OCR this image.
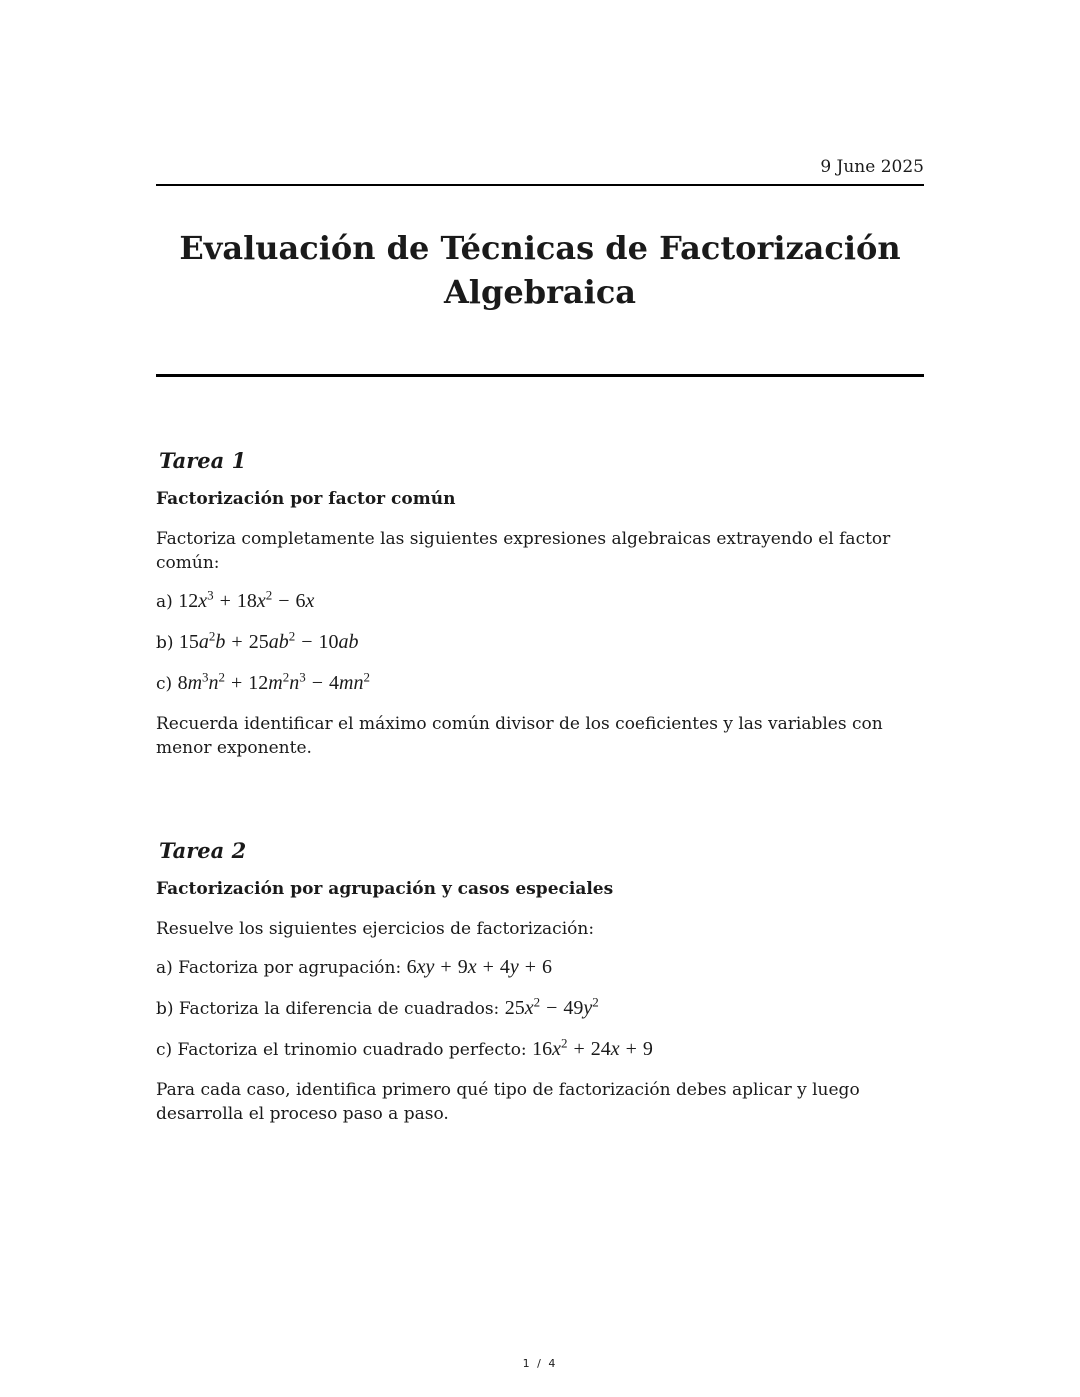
9 June 2025
Evaluación de Técnicas de Factorización
Algebraica
Tarea 1
Factorización por factor común
Factoriza completamente las siguientes expresiones algebraicas extrayendo el factor común:
a) $12x^3 + 18x^2 - 6x$
b) $15a^2b + 25ab^2 - 10ab$
c) $8m^3n^2 + 12m^2n^3 - 4mn^2$
Recuerda identificar el máximo común divisor de los coeficientes y las variables con menor exponente.
Tarea 2
Factorización por agrupación y casos especiales
Resuelve los siguientes ejercicios de factorización:
a) Factoriza por agrupación: 6xy + 9x + 4y + 6
b) Factoriza la diferencia de cuadrados: $25x^2 - 49y^2$
c) Factoriza el trinomio cuadrado perfecto: $16x^2 + 24x + 9$
Para cada caso, identifica primero qué tipo de factorización debes aplicar y luego desarrolla el proceso paso a paso.
1 / 4
